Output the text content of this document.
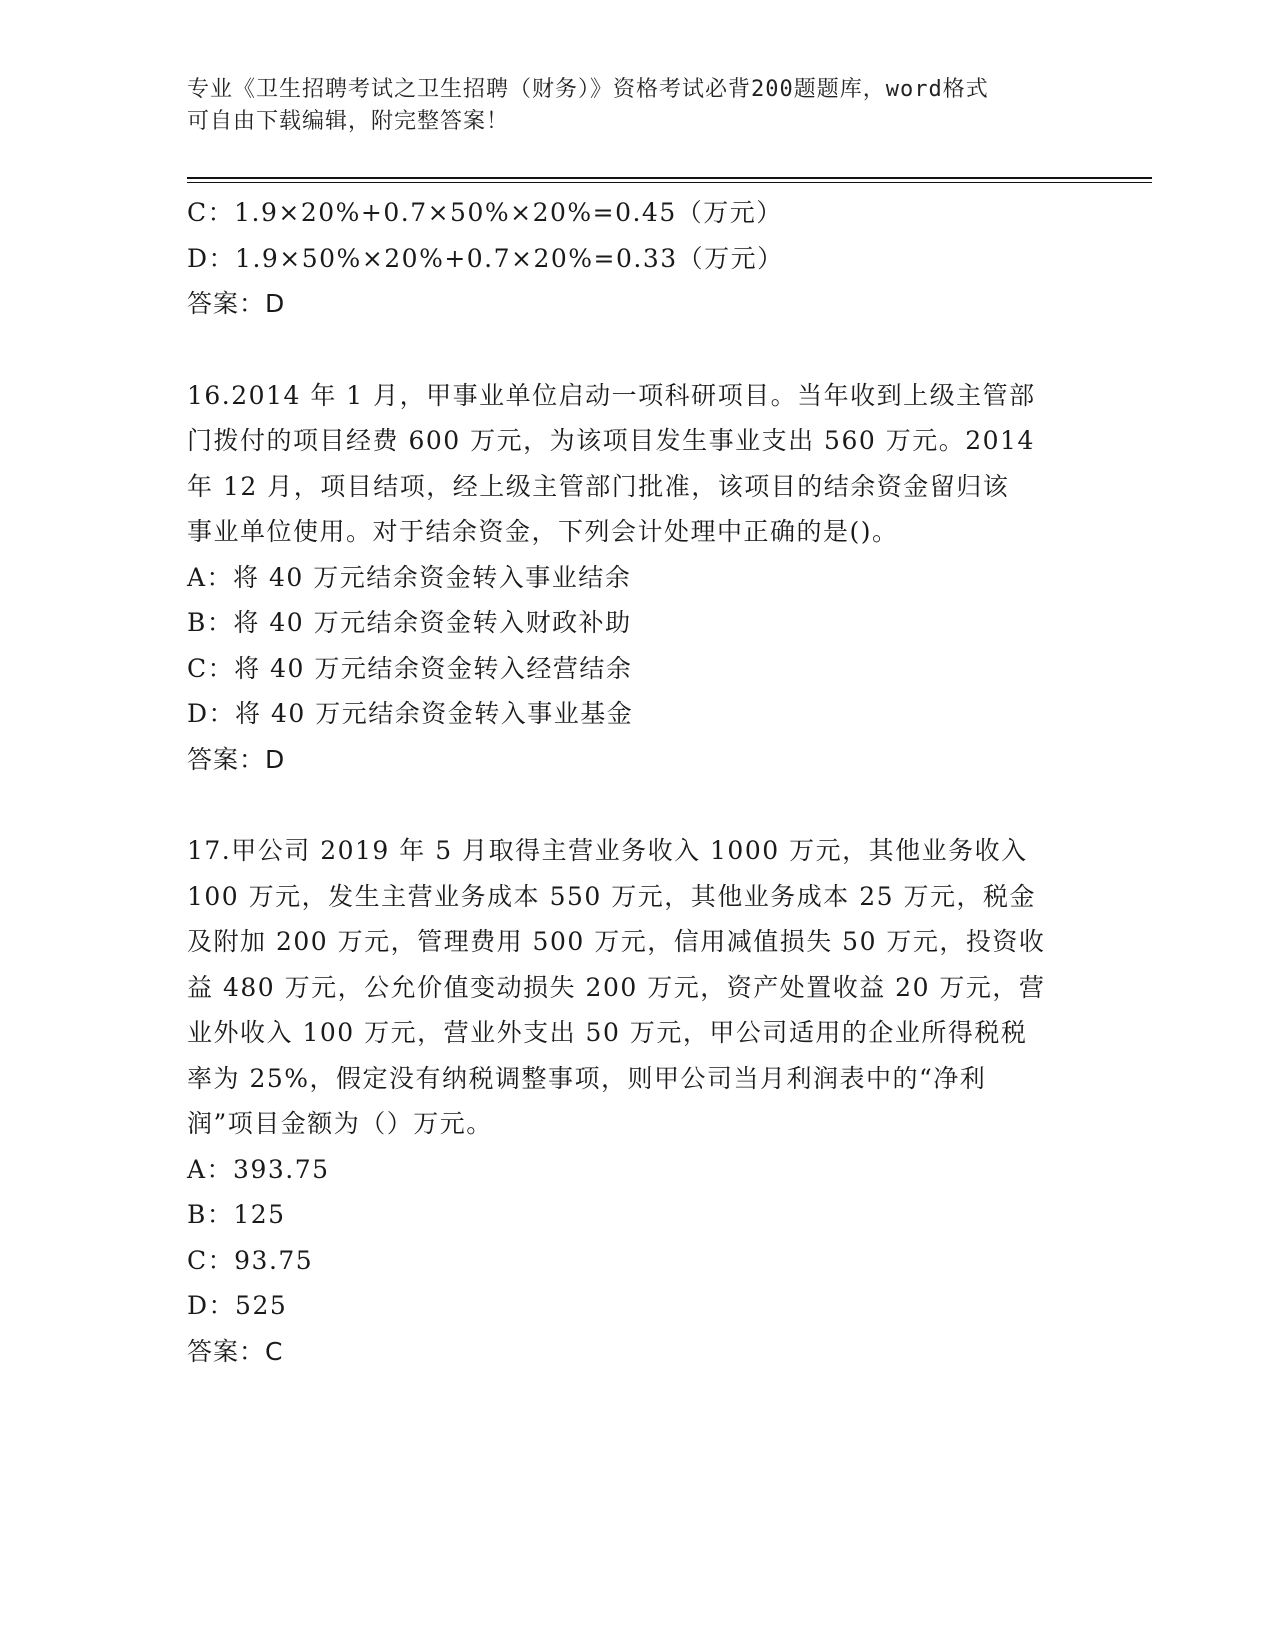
专业《卫生招聘考试之卫生招聘（财务）》资格考试必背200题题库，word格式
可自由下载编辑，附完整答案！
C：1.9×20%+0.7×50%×20%=0.45（万元）
D：1.9×50%×20%+0.7×20%=0.33（万元）
答案：D
16.2014 年 1 月，甲事业单位启动一项科研项目。当年收到上级主管部
门拨付的项目经费 600 万元，为该项目发生事业支出 560 万元。2014
年 12 月，项目结项，经上级主管部门批准，该项目的结余资金留归该
事业单位使用。对于结余资金，下列会计处理中正确的是()。
A：将 40 万元结余资金转入事业结余
B：将 40 万元结余资金转入财政补助
C：将 40 万元结余资金转入经营结余
D：将 40 万元结余资金转入事业基金
答案：D
17.甲公司 2019 年 5 月取得主营业务收入 1000 万元，其他业务收入
100 万元，发生主营业务成本 550 万元，其他业务成本 25 万元，税金
及附加 200 万元，管理费用 500 万元，信用减值损失 50 万元，投资收
益 480 万元，公允价值变动损失 200 万元，资产处置收益 20 万元，营
业外收入 100 万元，营业外支出 50 万元，甲公司适用的企业所得税税
率为 25%，假定没有纳税调整事项，则甲公司当月利润表中的“净利
润”项目金额为（）万元。
A：393.75
B：125
C：93.75
D：525
答案：C
